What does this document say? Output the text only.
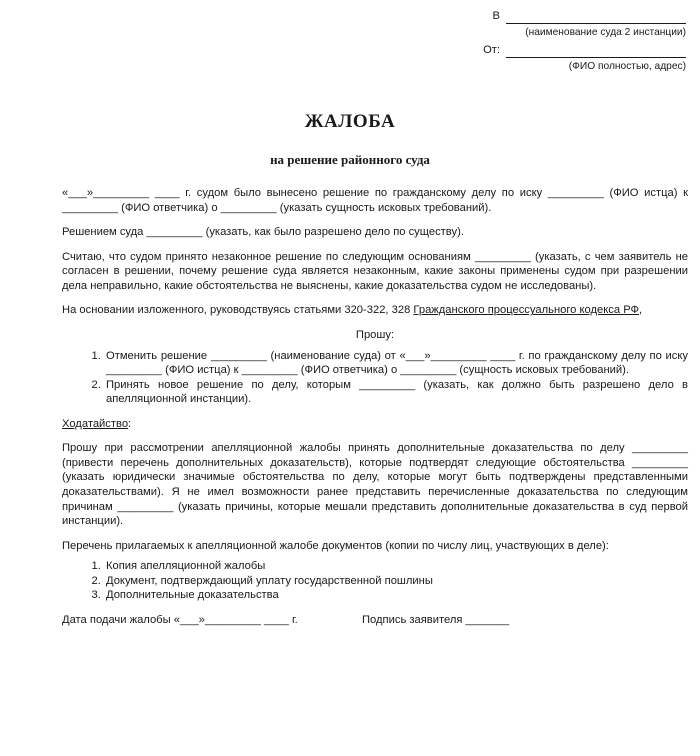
В
(наименование суда 2 инстанции)
От:
(ФИО полностью, адрес)
ЖАЛОБА
на решение районного суда

«___»_________ ____ г. судом было вынесено решение по гражданскому делу по иску _________ (ФИО истца) к _________ (ФИО ответчика) о _________ (указать сущность исковых требований).

Решением суда _________ (указать, как было разрешено дело по существу).

Считаю, что судом принято незаконное решение по следующим основаниям _________ (указать, с чем заявитель не согласен в решении, почему решение суда является незаконным, какие законы применены судом при разрешении дела неправильно, какие обстоятельства не выяснены, какие доказательства судом не исследованы).

На основании изложенного, руководствуясь статьями 320-322, 328 Гражданского процессуального кодекса РФ,

Прошу:

1. Отменить решение _________ (наименование суда) от «___»_________ ____ г. по гражданскому делу по иску _________ (ФИО истца) к _________ (ФИО ответчика) о _________ (сущность исковых требований).
2. Принять новое решение по делу, которым _________ (указать, как должно быть разрешено дело в апелляционной инстанции).

Ходатайство:

Прошу при рассмотрении апелляционной жалобы принять дополнительные доказательства по делу _________ (привести перечень дополнительных доказательств), которые подтвердят следующие обстоятельства _________ (указать юридически значимые обстоятельства по делу, которые могут быть подтверждены представленными доказательствами). Я не имел возможности ранее представить перечисленные доказательства по следующим причинам _________ (указать причины, которые мешали представить дополнительные доказательства в суд первой инстанции).

Перечень прилагаемых к апелляционной жалобе документов (копии по числу лиц, участвующих в деле):

1. Копия апелляционной жалобы
2. Документ, подтверждающий уплату государственной пошлины
3. Дополнительные доказательства
Дата подачи жалобы «___»_________ ____ г.	Подпись заявителя _______
